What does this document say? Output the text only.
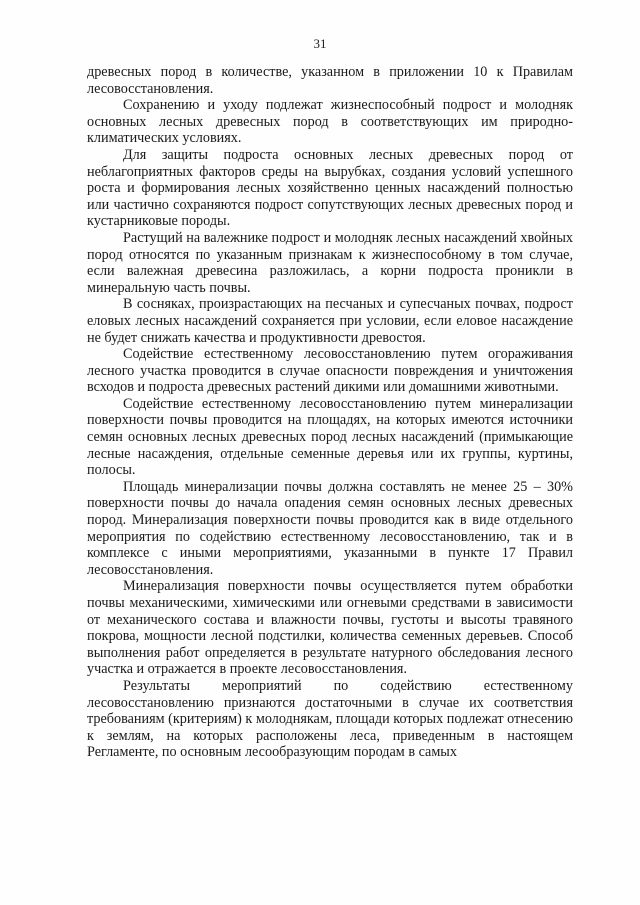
31

древесных пород в количестве, указанном в приложении 10 к Правилам лесовосстановления.

Сохранению и уходу подлежат жизнеспособный подрост и молодняк основных лесных древесных пород в соответствующих им природно-климатических условиях.

Для защиты подроста основных лесных древесных пород от неблагоприятных факторов среды на вырубках, создания условий успешного роста и формирования лесных хозяйственно ценных насаждений полностью или частично сохраняются подрост сопутствующих лесных древесных пород и кустарниковые породы.

Растущий на валежнике подрост и молодняк лесных насаждений хвойных пород относятся по указанным признакам к жизнеспособному в том случае, если валежная древесина разложилась, а корни подроста проникли в минеральную часть почвы.

В сосняках, произрастающих на песчаных и супесчаных почвах, подрост еловых лесных насаждений сохраняется при условии, если еловое насаждение не будет снижать качества и продуктивности древостоя.

Содействие естественному лесовосстановлению путем огораживания лесного участка проводится в случае опасности повреждения и уничтожения всходов и подроста древесных растений дикими или домашними животными.

Содействие естественному лесовосстановлению путем минерализации поверхности почвы проводится на площадях, на которых имеются источники семян основных лесных древесных пород лесных насаждений (примыкающие лесные насаждения, отдельные семенные деревья или их группы, куртины, полосы.

Площадь минерализации почвы должна составлять не менее 25 – 30% поверхности почвы до начала опадения семян основных лесных древесных пород. Минерализация поверхности почвы проводится как в виде отдельного мероприятия по содействию естественному лесовосстановлению, так и в комплексе с иными мероприятиями, указанными в пункте 17 Правил лесовосстановления.

Минерализация поверхности почвы осуществляется путем обработки почвы механическими, химическими или огневыми средствами в зависимости от механического состава и влажности почвы, густоты и высоты травяного покрова, мощности лесной подстилки, количества семенных деревьев. Способ выполнения работ определяется в результате натурного обследования лесного участка и отражается в проекте лесовосстановления.

Результаты мероприятий по содействию естественному лесовосстановлению признаются достаточными в случае их соответствия требованиям (критериям) к молоднякам, площади которых подлежат отнесению к землям, на которых расположены леса, приведенным в настоящем Регламенте, по основным лесообразующим породам в самых
